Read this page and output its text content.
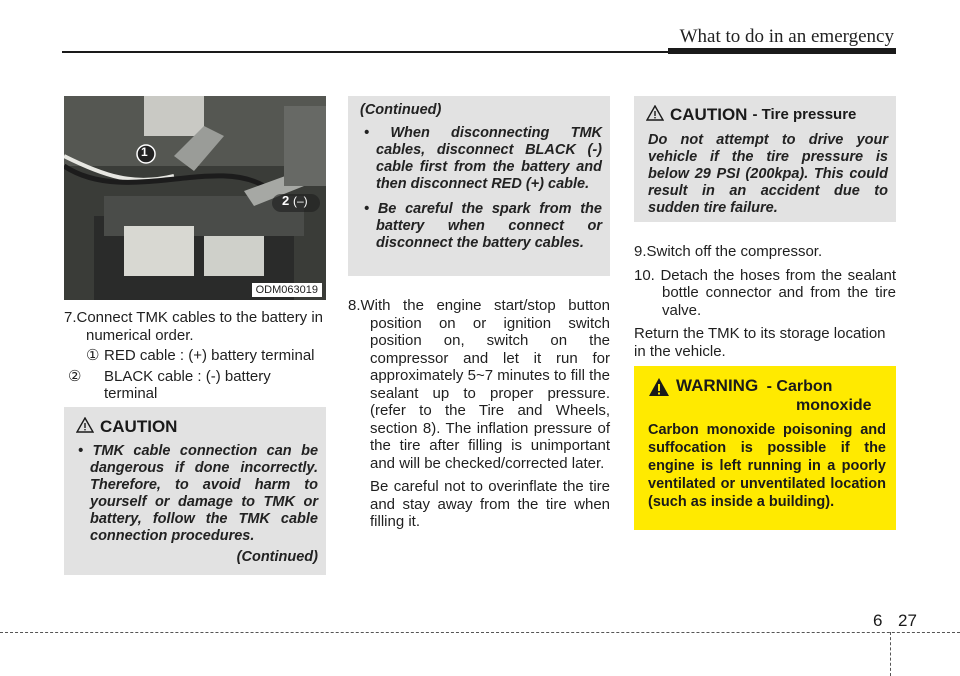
What to do in an emergency
1
2 (–)
ODM063019

7.Connect TMK cables to the battery in numerical order.

① RED cable : (+) battery terminal

② BLACK cable : (-) battery terminal

CAUTION

• TMK cable connection can be dangerous if done incorrectly. Therefore, to avoid harm to yourself or damage to TMK or battery, follow the TMK cable connection procedures.

(Continued)
(Continued)

• When disconnecting TMK cables, disconnect BLACK (-) cable first from the battery and then disconnect RED (+) cable.

• Be careful the spark from the battery when connect or disconnect the battery cables.

8.With the engine start/stop button position on or ignition switch position on, switch on the compressor and let it run for approximately 5~7 minutes to fill the sealant up to proper pressure. (refer to the Tire and Wheels, section 8). The inflation pressure of the tire after filling is unimportant and will be checked/corrected later.

Be careful not to overinflate the tire and stay away from the tire when filling it.

CAUTION - Tire pressure
Do not attempt to drive your vehicle if the tire pressure is below 29 PSI (200kpa). This could result in an accident due to sudden tire failure.

9.Switch off the compressor.

10. Detach the hoses from the sealant bottle connector and from the tire valve.

Return the TMK to its storage location in the vehicle.

WARNING - Carbon
monoxide
Carbon monoxide poisoning and suffocation is possible if the engine is left running in a poorly ventilated or unventilated location (such as inside a building).
6 27
